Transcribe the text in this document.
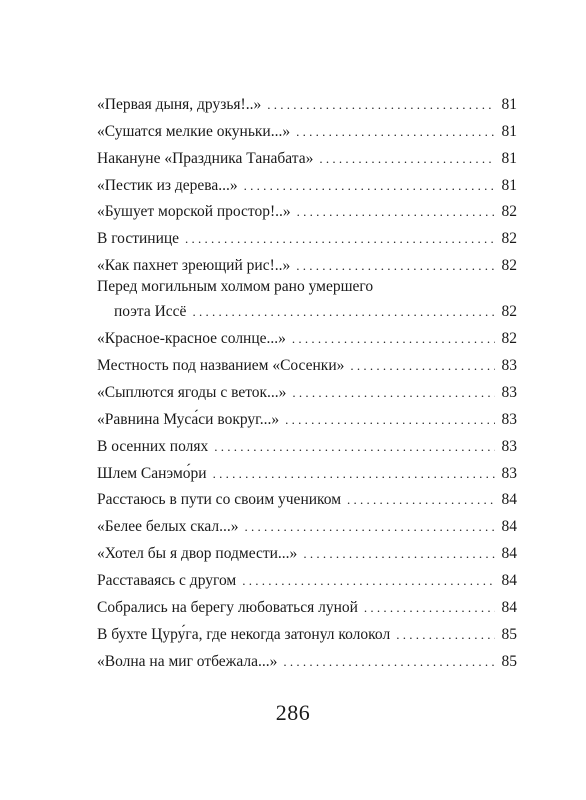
«Первая дыня, друзья!..» . . .	81
«Сушатся мелкие окуньки...» . . .	81
Накануне «Праздника Танабата» . . .	81
«Пестик из дерева...» . . .	81
«Бушует морской простор!..» . . .	82
В гостинице . . .	82
«Как пахнет зреющий рис!..» . . .	82
Перед могильным холмом рано умершего
поэта Иссё . . .	82
«Красное-красное солнце...» . . .	82
Местность под названием «Сосенки» . . .	83
«Сыплются ягоды с веток...» . . .	83
«Равнина Муса́си вокруг...» . . .	83
В осенних полях . . .	83
Шлем Санэмо́ри . . .	83
Расстаюсь в пути со своим учеником . . .	84
«Белее белых скал...» . . .	84
«Хотел бы я двор подмести...» . . .	84
Расставаясь с другом . . .	84
Собрались на берегу любоваться луной . . .	84
В бухте Цуру́га, где некогда затонул колокол . . .	85
«Волна на миг отбежала...» . . .	85
286
